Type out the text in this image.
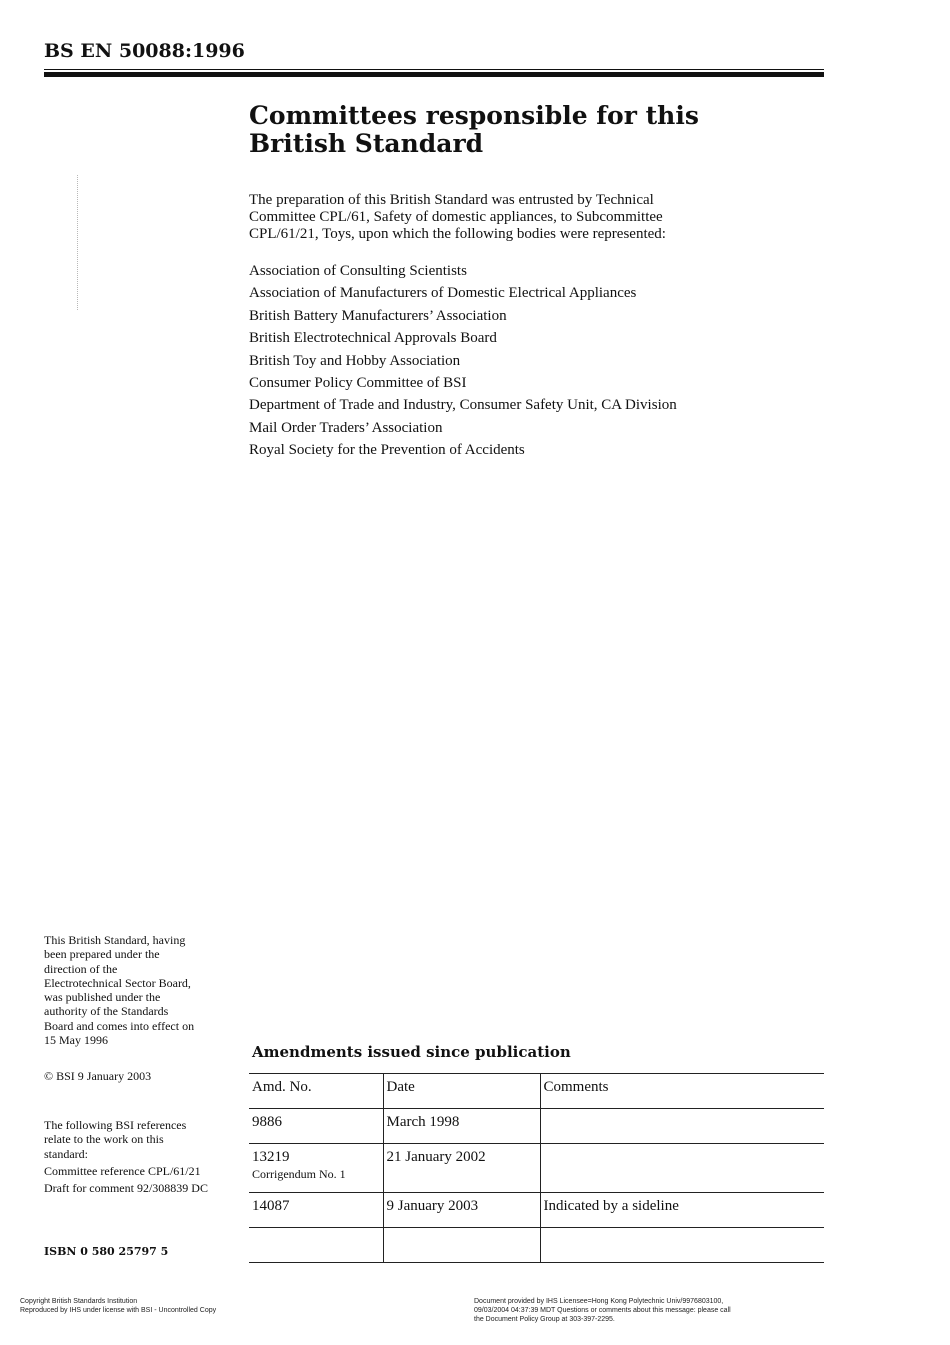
BS EN 50088:1996
Committees responsible for this
British Standard
The preparation of this British Standard was entrusted by Technical
Committee CPL/61, Safety of domestic appliances, to Subcommittee
CPL/61/21, Toys, upon which the following bodies were represented:
Association of Consulting Scientists
Association of Manufacturers of Domestic Electrical Appliances
British Battery Manufacturers’ Association
British Electrotechnical Approvals Board
British Toy and Hobby Association
Consumer Policy Committee of BSI
Department of Trade and Industry, Consumer Safety Unit, CA Division
Mail Order Traders’ Association
Royal Society for the Prevention of Accidents
This British Standard, having
been prepared under the
direction of the
Electrotechnical Sector Board,
was published under the
authority of the Standards
Board and comes into effect on
15 May 1996
© BSI 9 January 2003
The following BSI references
relate to the work on this
standard:
Committee reference CPL/61/21
Draft for comment 92/308839 DC
ISBN 0 580 25797 5
Amendments issued since publication
Amd. No.	Date	Comments
9886	March 1998	
13219
Corrigendum No. 1	21 January 2002	
14087	9 January 2003	Indicated by a sideline

Copyright British Standards Institution
Reproduced by IHS under license with BSI - Uncontrolled Copy
Document provided by IHS Licensee=Hong Kong Polytechnic Univ/9976803100,
09/03/2004 04:37:39 MDT Questions or comments about this message: please call
the Document Policy Group at 303-397-2295.
